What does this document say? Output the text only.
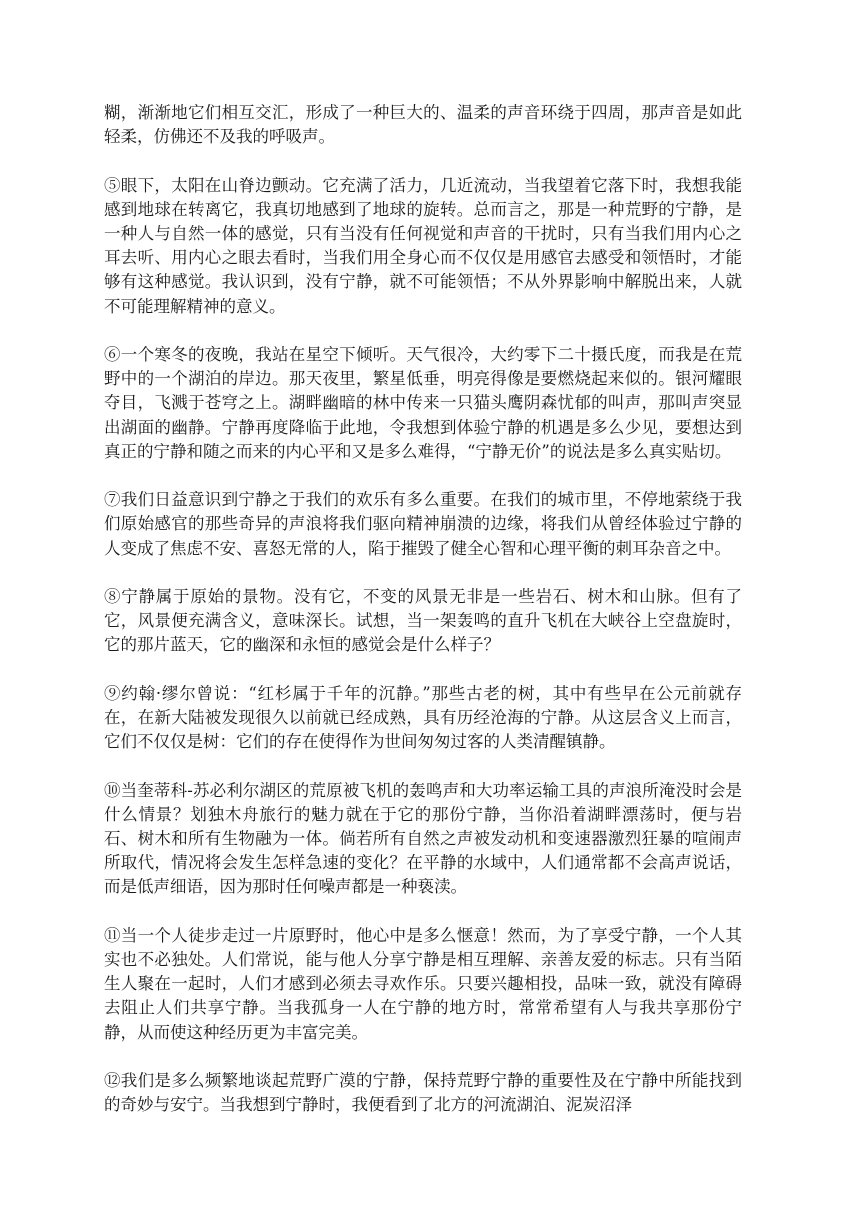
糊，渐渐地它们相互交汇，形成了一种巨大的、温柔的声音环绕于四周，那声音是如此轻柔，仿佛还不及我的呼吸声。

⑤眼下，太阳在山脊边颤动。它充满了活力，几近流动，当我望着它落下时，我想我能感到地球在转离它，我真切地感到了地球的旋转。总而言之，那是一种荒野的宁静，是一种人与自然一体的感觉，只有当没有任何视觉和声音的干扰时，只有当我们用内心之耳去听、用内心之眼去看时，当我们用全身心而不仅仅是用感官去感受和领悟时，才能够有这种感觉。我认识到，没有宁静，就不可能领悟；不从外界影响中解脱出来，人就不可能理解精神的意义。

⑥一个寒冬的夜晚，我站在星空下倾听。天气很冷，大约零下二十摄氏度，而我是在荒野中的一个湖泊的岸边。那天夜里，繁星低垂，明亮得像是要燃烧起来似的。银河耀眼夺目，飞溅于苍穹之上。湖畔幽暗的林中传来一只猫头鹰阴森忧郁的叫声，那叫声突显出湖面的幽静。宁静再度降临于此地，令我想到体验宁静的机遇是多么少见，要想达到真正的宁静和随之而来的内心平和又是多么难得，“宁静无价”的说法是多么真实贴切。

⑦我们日益意识到宁静之于我们的欢乐有多么重要。在我们的城市里，不停地萦绕于我们原始感官的那些奇异的声浪将我们驱向精神崩溃的边缘，将我们从曾经体验过宁静的人变成了焦虑不安、喜怒无常的人，陷于摧毁了健全心智和心理平衡的刺耳杂音之中。

⑧宁静属于原始的景物。没有它，不变的风景无非是一些岩石、树木和山脉。但有了它，风景便充满含义，意味深长。试想，当一架轰鸣的直升飞机在大峡谷上空盘旋时，它的那片蓝天，它的幽深和永恒的感觉会是什么样子？

⑨约翰·缪尔曾说：“红杉属于千年的沉静。”那些古老的树，其中有些早在公元前就存在，在新大陆被发现很久以前就已经成熟，具有历经沧海的宁静。从这层含义上而言，它们不仅仅是树：它们的存在使得作为世间匆匆过客的人类清醒镇静。

⑩当奎蒂科-苏必利尔湖区的荒原被飞机的轰鸣声和大功率运输工具的声浪所淹没时会是什么情景？划独木舟旅行的魅力就在于它的那份宁静，当你沿着湖畔漂荡时，便与岩石、树木和所有生物融为一体。倘若所有自然之声被发动机和变速器激烈狂暴的喧闹声所取代，情况将会发生怎样急速的变化？在平静的水域中，人们通常都不会高声说话，而是低声细语，因为那时任何噪声都是一种亵渎。

⑪当一个人徒步走过一片原野时，他心中是多么惬意！然而，为了享受宁静，一个人其实也不必独处。人们常说，能与他人分享宁静是相互理解、亲善友爱的标志。只有当陌生人聚在一起时，人们才感到必须去寻欢作乐。只要兴趣相投，品味一致，就没有障碍去阻止人们共享宁静。当我孤身一人在宁静的地方时，常常希望有人与我共享那份宁静，从而使这种经历更为丰富完美。

⑫我们是多么频繁地谈起荒野广漠的宁静，保持荒野宁静的重要性及在宁静中所能找到的奇妙与安宁。当我想到宁静时，我便看到了北方的河流湖泊、泥炭沼泽
